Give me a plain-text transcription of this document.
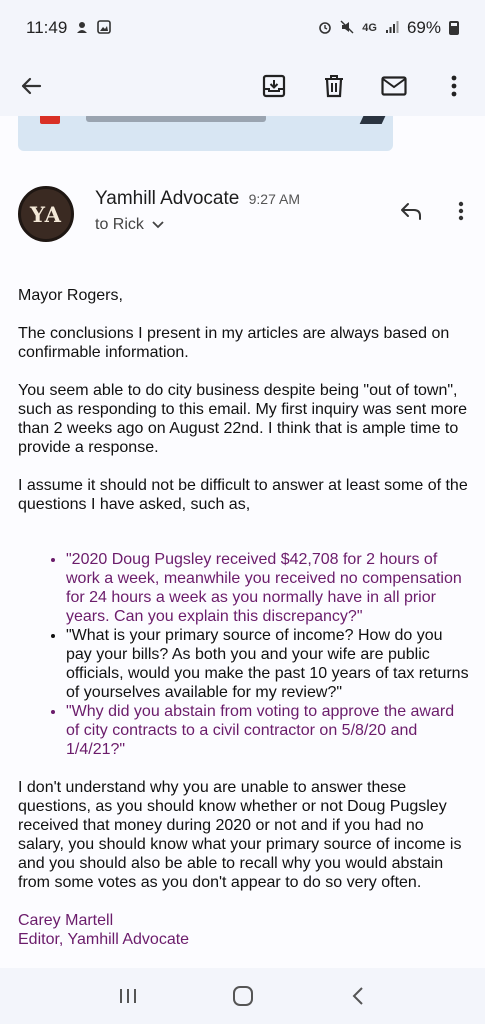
11:49	4G 69%
YA
Yamhill Advocate 9:27 AM
to Rick

Mayor Rogers,

The conclusions I present in my articles are always based on confirmable information.

You seem able to do city business despite being "out of town", such as responding to this email. My first inquiry was sent more than 2 weeks ago on August 22nd. I think that is ample time to provide a response.

I assume it should not be difficult to answer at least some of the questions I have asked, such as,

• "2020 Doug Pugsley received $42,708 for 2 hours of work a week, meanwhile you received no compensation for 24 hours a week as you normally have in all prior years. Can you explain this discrepancy?"
• "What is your primary source of income? How do you pay your bills? As both you and your wife are public officials, would you make the past 10 years of tax returns of yourselves available for my review?"
• "Why did you abstain from voting to approve the award of city contracts to a civil contractor on 5/8/20 and 1/4/21?"

I don't understand why you are unable to answer these questions, as you should know whether or not Doug Pugsley received that money during 2020 or not and if you had no salary, you should know what your primary source of income is and you should also be able to recall why you would abstain from some votes as you don't appear to do so very often.

Carey Martell
Editor, Yamhill Advocate
